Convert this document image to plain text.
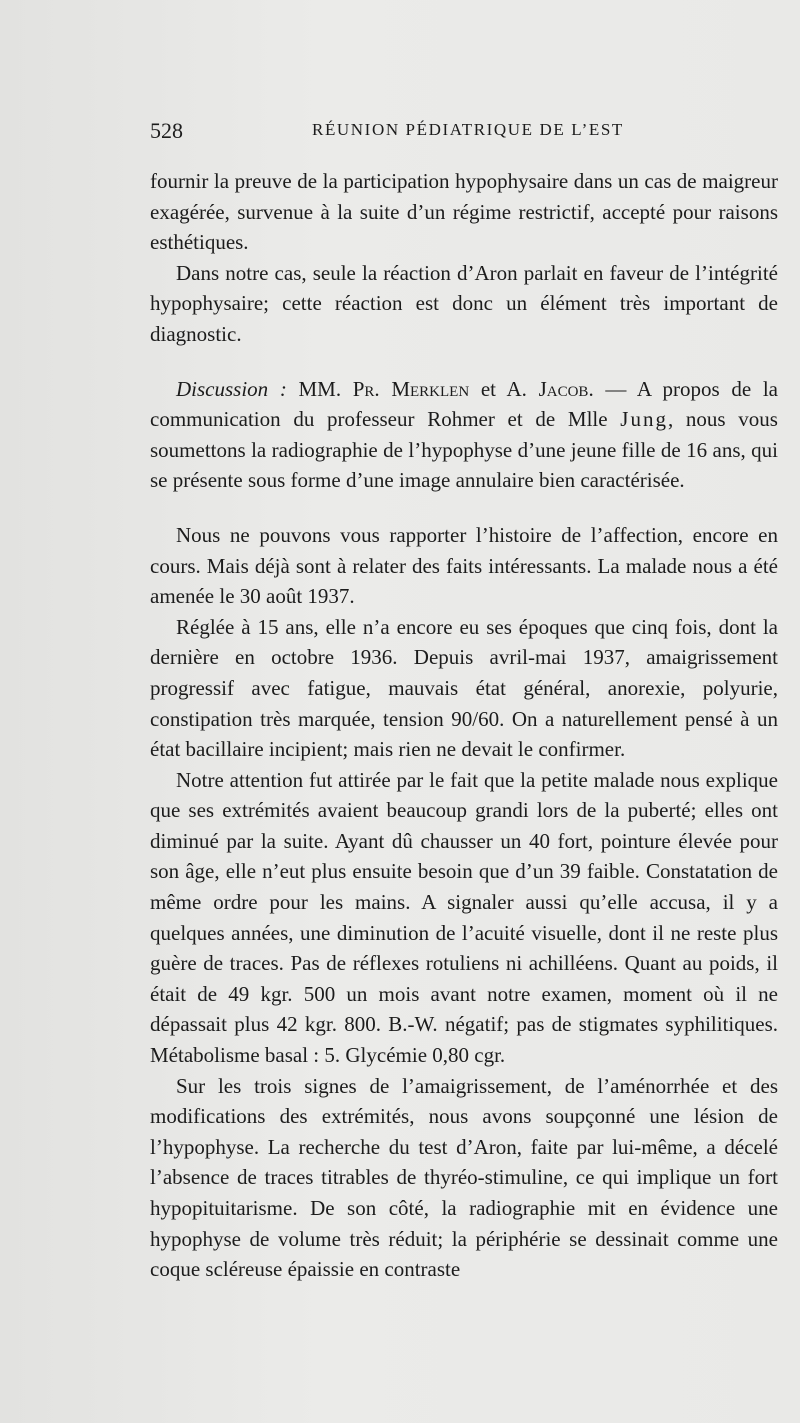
528	RÉUNION PÉDIATRIQUE DE L’EST

fournir la preuve de la participation hypophysaire dans un cas de maigreur exagérée, survenue à la suite d’un régime restrictif, accepté pour raisons esthétiques.

Dans notre cas, seule la réaction d’Aron parlait en faveur de l’intégrité hypophysaire; cette réaction est donc un élément très important de diagnostic.

Discussion : MM. Pr. Merklen et A. Jacob. — A propos de la communication du professeur Rohmer et de Mlle Jung, nous vous soumettons la radiographie de l’hypophyse d’une jeune fille de 16 ans, qui se présente sous forme d’une image annulaire bien caractérisée.

Nous ne pouvons vous rapporter l’histoire de l’affection, encore en cours. Mais déjà sont à relater des faits intéressants. La malade nous a été amenée le 30 août 1937.

Réglée à 15 ans, elle n’a encore eu ses époques que cinq fois, dont la dernière en octobre 1936. Depuis avril-mai 1937, amaigrissement progressif avec fatigue, mauvais état général, anorexie, polyurie, constipation très marquée, tension 90/60. On a naturellement pensé à un état bacillaire incipient; mais rien ne devait le confirmer.

Notre attention fut attirée par le fait que la petite malade nous explique que ses extrémités avaient beaucoup grandi lors de la puberté; elles ont diminué par la suite. Ayant dû chausser un 40 fort, pointure élevée pour son âge, elle n’eut plus ensuite besoin que d’un 39 faible. Constatation de même ordre pour les mains. A signaler aussi qu’elle accusa, il y a quelques années, une diminution de l’acuité visuelle, dont il ne reste plus guère de traces. Pas de réflexes rotuliens ni achilléens. Quant au poids, il était de 49 kgr. 500 un mois avant notre examen, moment où il ne dépassait plus 42 kgr. 800. B.-W. négatif; pas de stigmates syphilitiques. Métabolisme basal : 5. Glycémie 0,80 cgr.

Sur les trois signes de l’amaigrissement, de l’aménorrhée et des modifications des extrémités, nous avons soupçonné une lésion de l’hypophyse. La recherche du test d’Aron, faite par lui-même, a décelé l’absence de traces titrables de thyréo-stimuline, ce qui implique un fort hypopituitarisme. De son côté, la radiographie mit en évidence une hypophyse de volume très réduit; la périphérie se dessinait comme une coque scléreuse épaissie en contraste
